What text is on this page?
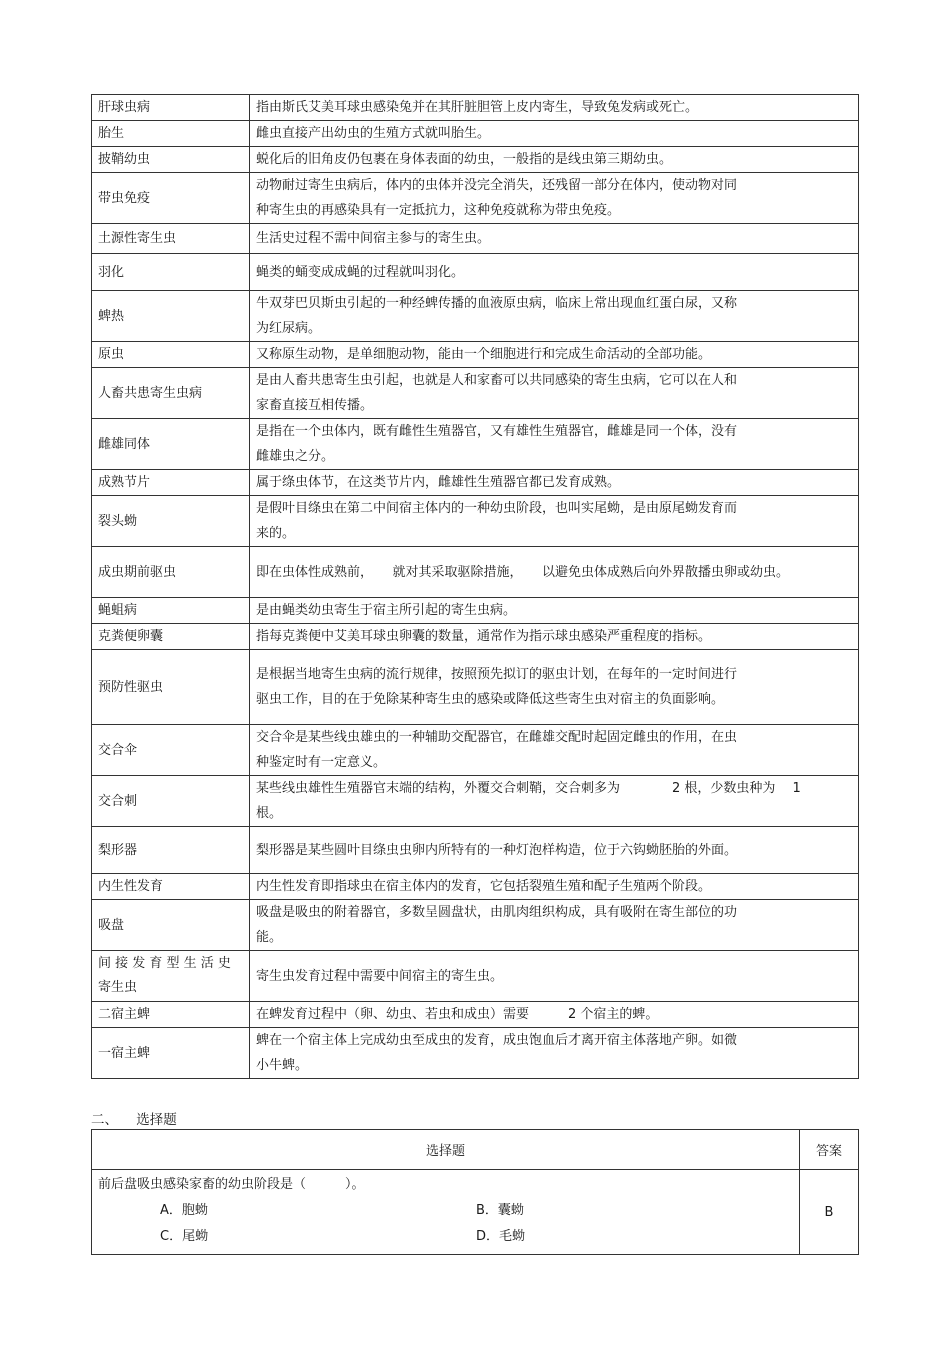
肝球虫病	指由斯氏艾美耳球虫感染兔并在其肝脏胆管上皮内寄生，导致兔发病或死亡。

胎生	雌虫直接产出幼虫的生殖方式就叫胎生。

披鞘幼虫	蜕化后的旧角皮仍包裹在身体表面的幼虫，一般指的是线虫第三期幼虫。

带虫免疫	动物耐过寄生虫病后，体内的虫体并没完全消失，还残留一部分在体内，使动物对同
种寄生虫的再感染具有一定抵抗力，这种免疫就称为带虫免疫。

土源性寄生虫	生活史过程不需中间宿主参与的寄生虫。

羽化	蝇类的蛹变成成蝇的过程就叫羽化。

蜱热	牛双芽巴贝斯虫引起的一种经蜱传播的血液原虫病，临床上常出现血红蛋白尿，又称
为红尿病。

原虫	又称原生动物，是单细胞动物，能由一个细胞进行和完成生命活动的全部功能。

人畜共患寄生虫病	是由人畜共患寄生虫引起，也就是人和家畜可以共同感染的寄生虫病，它可以在人和
家畜直接互相传播。

雌雄同体	是指在一个虫体内，既有雌性生殖器官，又有雄性生殖器官，雌雄是同一个体，没有
雌雄虫之分。

成熟节片	属于绦虫体节，在这类节片内，雌雄性生殖器官都已发育成熟。

裂头蚴	是假叶目绦虫在第二中间宿主体内的一种幼虫阶段，也叫实尾蚴，是由原尾蚴发育而
来的。

成虫期前驱虫	即在虫体性成熟前，　　就对其采取驱除措施，　　以避免虫体成熟后向外界散播虫卵或幼虫。

蝇蛆病	是由蝇类幼虫寄生于宿主所引起的寄生虫病。

克粪便卵囊	指每克粪便中艾美耳球虫卵囊的数量，通常作为指示球虫感染严重程度的指标。

预防性驱虫	是根据当地寄生虫病的流行规律，按照预先拟订的驱虫计划，在每年的一定时间进行
驱虫工作，目的在于免除某种寄生虫的感染或降低这些寄生虫对宿主的负面影响。

交合伞	交合伞是某些线虫雄虫的一种辅助交配器官，在雌雄交配时起固定雌虫的作用，在虫
种鉴定时有一定意义。

交合刺	某些线虫雄性生殖器官末端的结构，外覆交合刺鞘，交合刺多为　　　　2 根，少数虫种为　 1
根。

梨形器	梨形器是某些圆叶目绦虫虫卵内所特有的一种灯泡样构造，位于六钩蚴胚胎的外面。

内生性发育	内生性发育即指球虫在宿主体内的发育，它包括裂殖生殖和配子生殖两个阶段。

吸盘	吸盘是吸虫的附着器官，多数呈圆盘状，由肌肉组织构成，具有吸附在寄生部位的功
能。

间 接 发 育 型 生 活 史 寄生虫	寄生虫发育过程中需要中间宿主的寄生虫。

二宿主蜱	在蜱发育过程中（卵、幼虫、若虫和成虫）需要　　　2 个宿主的蜱。

一宿主蜱	蜱在一个宿主体上完成幼虫至成虫的发育，成虫饱血后才离开宿主体落地产卵。如微
小牛蜱。
二、 选择题
选择题	答案

前后盘吸虫感染家畜的幼虫阶段是（　　　）。
A．胞蚴 B．囊蚴
C．尾蚴 D．毛蚴	B
